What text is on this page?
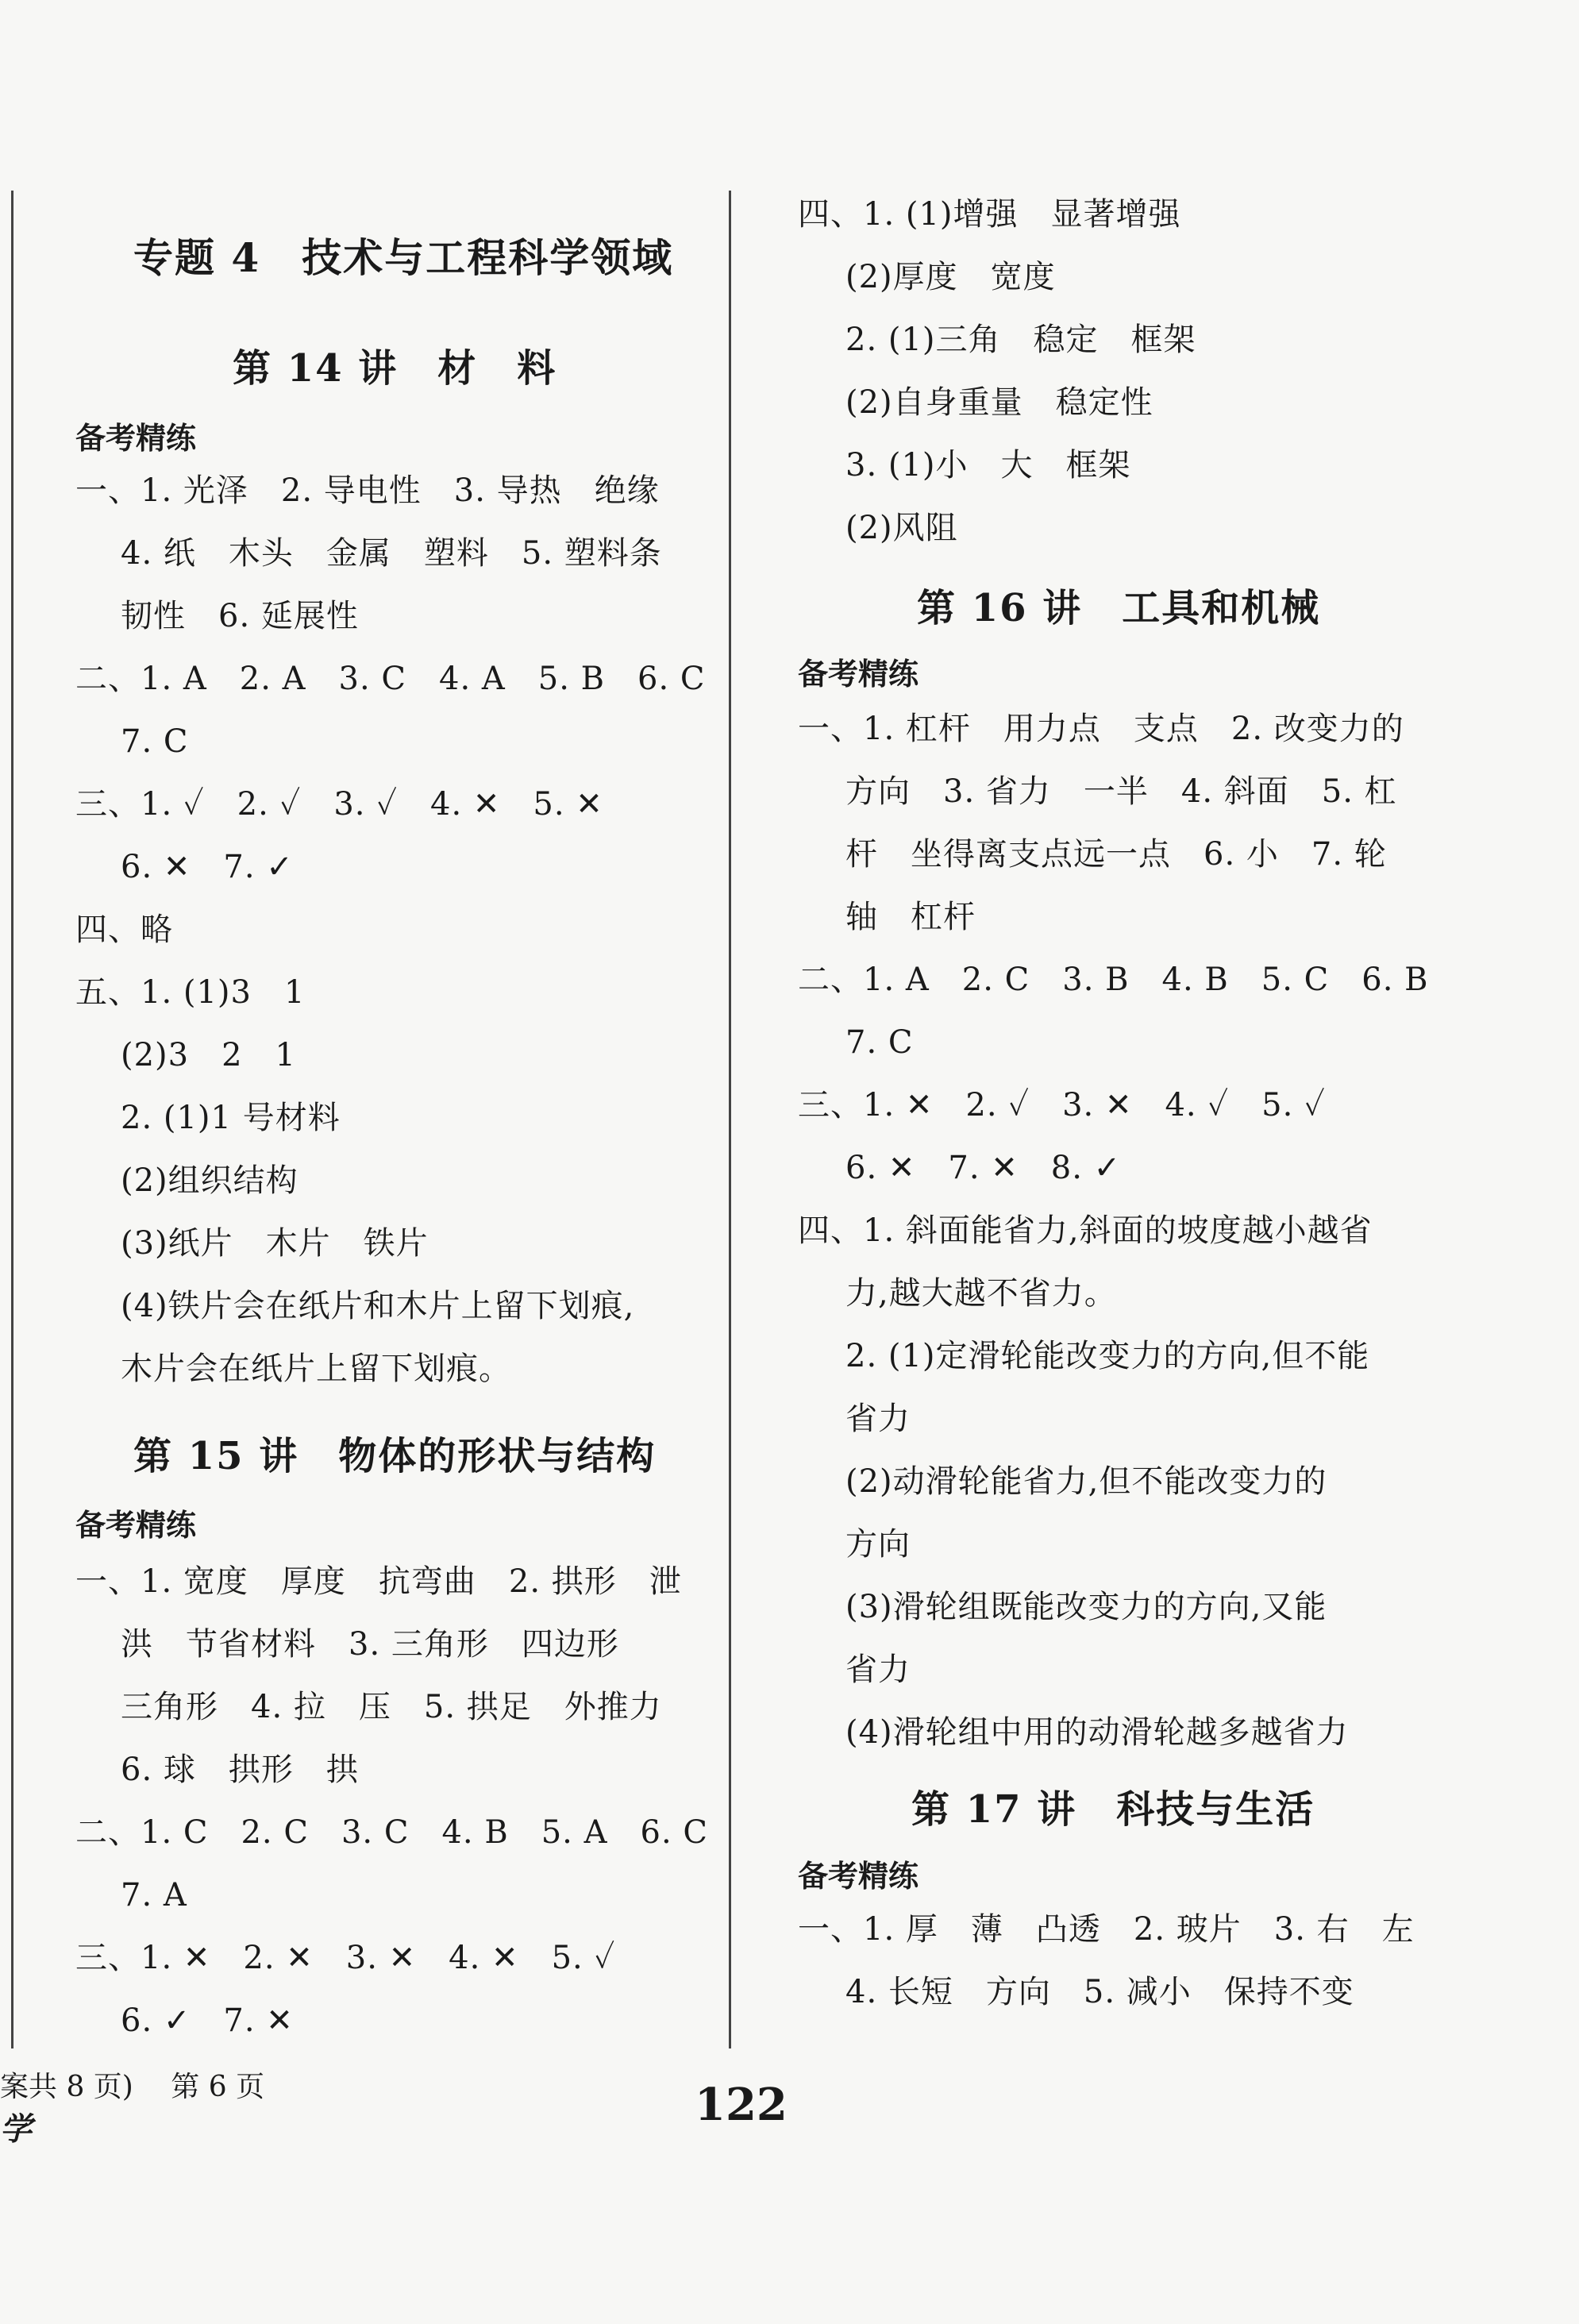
专题 4　技术与工程科学领域
第 14 讲　材　料
备考精练
一、1. 光泽　2. 导电性　3. 导热　绝缘
4. 纸　木头　金属　塑料　5. 塑料条
韧性　6. 延展性
二、1. A　2. A　3. C　4. A　5. B　6. C
7. C
三、1. ✓　2. ✓　3. ✓　4. ✕　5. ✕
6. ✕　7. ✓
四、略
五、1. (1)3　1
(2)3　2　1
2. (1)1 号材料
(2)组织结构
(3)纸片　木片　铁片
(4)铁片会在纸片和木片上留下划痕,
木片会在纸片上留下划痕。
第 15 讲　物体的形状与结构
备考精练
一、1. 宽度　厚度　抗弯曲　2. 拱形　泄
洪　节省材料　3. 三角形　四边形
三角形　4. 拉　压　5. 拱足　外推力
6. 球　拱形　拱
二、1. C　2. C　3. C　4. B　5. A　6. C
7. A
三、1. ✕　2. ✕　3. ✕　4. ✕　5. ✓
6. ✓　7. ✕
四、1. (1)增强　显著增强
(2)厚度　宽度
2. (1)三角　稳定　框架
(2)自身重量　稳定性
3. (1)小　大　框架
(2)风阻
第 16 讲　工具和机械
备考精练
一、1. 杠杆　用力点　支点　2. 改变力的
方向　3. 省力　一半　4. 斜面　5. 杠
杆　坐得离支点远一点　6. 小　7. 轮
轴　杠杆
二、1. A　2. C　3. B　4. B　5. C　6. B
7. C
三、1. ✕　2. ✓　3. ✕　4. ✓　5. ✓
6. ✕　7. ✕　8. ✓
四、1. 斜面能省力,斜面的坡度越小越省
力,越大越不省力。
2. (1)定滑轮能改变力的方向,但不能
省力
(2)动滑轮能省力,但不能改变力的
方向
(3)滑轮组既能改变力的方向,又能
省力
(4)滑轮组中用的动滑轮越多越省力
第 17 讲　科技与生活
备考精练
一、1. 厚　薄　凸透　2. 玻片　3. 右　左
4. 长短　方向　5. 减小　保持不变
案共 8 页)　 第 6 页
学	122
